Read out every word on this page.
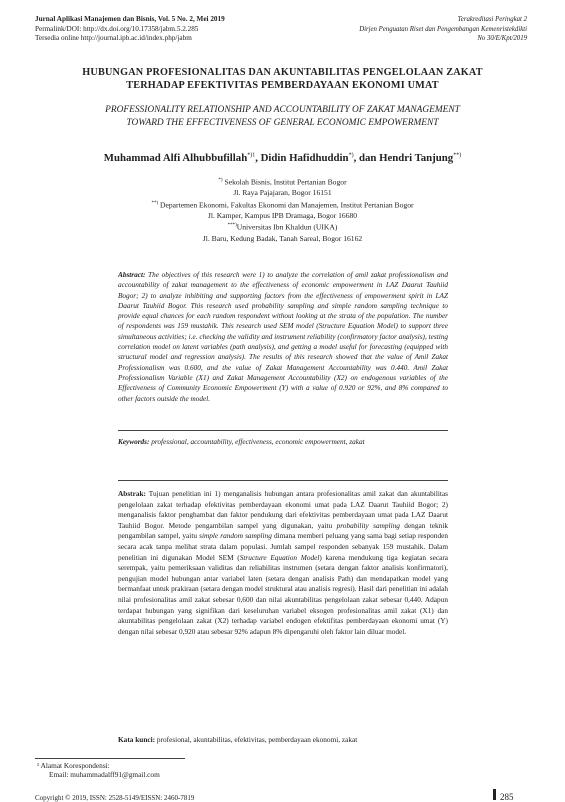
Jurnal Aplikasi Manajemen dan Bisnis, Vol. 5 No. 2, Mei 2019
Permalink/DOI: http://dx.doi.org/10.17358/jabm.5.2.285
Tersedia online http://journal.ipb.ac.id/index.php/jabm
Terakreditasi Peringkat 2
Dirjen Penguatan Riset dan Pengembangan Kemenristekdikti
No 30/E/Kpt/2019
HUBUNGAN PROFESIONALITAS DAN AKUNTABILITAS PENGELOLAAN ZAKAT
TERHADAP EFEKTIVITAS PEMBERDAYAAN EKONOMI UMAT
PROFESSIONALITY RELATIONSHIP AND ACCOUNTABILITY OF ZAKAT MANAGEMENT
TOWARD THE EFFECTIVENESS OF GENERAL ECONOMIC EMPOWERMENT
Muhammad Alfi Alhubbufillah$^{*)1}$, Didin Hafidhuddin*), dan Hendri Tanjung**)
*) Sekolah Bisnis, Institut Pertanian Bogor
Jl. Raya Pajajaran, Bogor 16151
**) Departemen Ekonomi, Fakultas Ekonomi dan Manajemen, Institut Pertanian Bogor
Jl. Kamper, Kampus IPB Dramaga, Bogor 16680
***)Universitas Ibn Khaldun (UIKA)
Jl. Baru, Kedung Badak, Tanah Sareal, Bogor 16162
Abstract: The objectives of this research were 1) to analyze the correlation of amil zakat professionalism and accountability of zakat management to the effectiveness of economic empowerment in LAZ Daarut Tauhiid Bogor; 2) to analyze inhibiting and supporting factors from the effectiveness of empowerment spirit in LAZ Daarut Tauhiid Bogor. This research used probability sampling and simple random sampling technique to provide equal chances for each random respondent without looking at the strata of the population. The number of respondents was 159 mustahik. This research used SEM model (Structure Equation Model) to support three simultaneous activities; i.e. checking the validity and instrument reliability (confirmatory factor analysis), testing correlation model on latent variables (path analysis), and getting a model useful for forecasting (equipped with structural model and regression analysis). The results of this research showed that the value of Amil Zakat Professionalism was 0.600, and the value of Zakat Management Accountability was 0.440. Amil Zakat Professionalism Variable (X1) and Zakat Management Accountability (X2) on endogenous variables of the Effectiveness of Community Economic Empowerment (Y) with a value of 0.920 or 92%, and 8% compared to other factors outside the model.
Keywords: professional, accountability, effectiveness, economic empowerment, zakat
Abstrak: Tujuan penelitian ini 1) menganalisis hubungan antara profesionalitas amil zakat dan akuntabilitas pengelolaan zakat terhadap efektivitas pemberdayaan ekonomi umat pada LAZ Daarut Tauhiid Bogor; 2) menganalisis faktor penghambat dan faktor pendukung dari efektivitas pemberdayaan umat pada LAZ Daarut Tauhiid Bogor. Metode pengambilan sampel yang digunakan, yaitu probability sampling dengan teknik pengambilan sampel, yaitu simple random sampling dimana memberi peluang yang sama bagi setiap responden secara acak tanpa melihat strata dalam populasi. Jumlah sampel responden sebanyak 159 mustahik. Dalam penelitian ini digunakan Model SEM (Structure Equation Model) karena mendukung tiga kegiatan secara serempak, yaitu pemeriksaan validitas dan reliabilitas instrumen (setara dengan faktor analisis konfirmatori), pengujian model hubungan antar variabel laten (setara dengan analisis Path) dan mendapatkan model yang bermanfaat untuk prakiraan (setara dengan model struktural atau analisis regresi). Hasil dari penelitian ini adalah nilai profesionalitas amil zakat sebesar 0,600 dan nilai akuntabilitas pengelolaan zakat sebesar 0,440. Adapun terdapat hubungan yang signifikan dari keseluruhan variabel eksogen profesionalitas amil zakat (X1) dan akuntabilitas pengelolaan zakat (X2) terhadap variabel endogen efektifitas pemberdayaan ekonomi umat (Y) dengan nilai sebesar 0,920 atau sebesar 92% adapun 8% dipengaruhi oleh faktor lain diluar model.
Kata kunci: profesional, akuntabilitas, efektivitas, pemberdayaan ekonomi, zakat
¹ Alamat Korespondensi:
Email: muhammadalff91@gmail.com
Copyright © 2019, ISSN: 2528-5149/EISSN: 2460-7819	285
